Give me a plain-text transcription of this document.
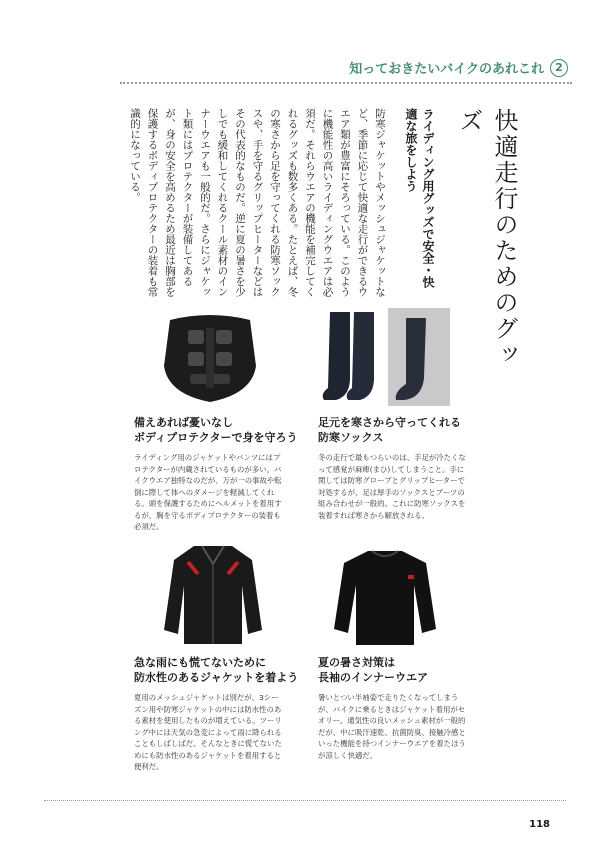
知っておきたいバイクのあれこれ	2
快適走行のためのグッズ
ライディング用グッズで安全・快適な旅をしよう
防寒ジャケットやメッシュジャケットなど、季節に応じて快適な走行ができるウエア類が豊富にそろっている。このように機能性の高いライディングウエアは必須だ。それらウエアの機能を補完してくれるグッズも数多くある。たとえば、冬の寒さから足を守ってくれる防寒ソックスや、手を守るグリップヒーターなどはその代表的なものだ。逆に夏の暑さを少しでも緩和してくれるクール素材のインナーウエアも一般的だ。さらにジャケット類にはプロテクターが装備してあるが、身の安全を高めるため最近は胸部を保護するボディプロテクターの装着も常識的になっている。
備えあれば憂いなし
ボディプロテクターで身を守ろう
ライディング用のジャケットやパンツにはプロテクターが内蔵されているものが多い。バイクウエア独特なのだが、万が一の事故や転倒に際して体へのダメージを軽減してくれる。頭を保護するためにヘルメットを着用するが、胸を守るボディプロテクターの装着も必須だ。
足元を寒さから守ってくれる
防寒ソックス
冬の走行で最もつらいのは、手足が冷たくなって感覚が麻痺(まひ)してしまうこと。手に関しては防寒グローブとグリップヒーターで対処するが、足は厚手のソックスとブーツの組み合わせが一般的。これに防寒ソックスを装着すれば寒さから解放される。
急な雨にも慌てないために
防水性のあるジャケットを着よう
夏用のメッシュジャケットは別だが、3シーズン用や防寒ジャケットの中には防水性のある素材を使用したものが増えている。ツーリング中には天気の急変によって雨に降られることもしばしばだ。そんなときに慌てないためにも防水性のあるジャケットを着用すると便利だ。
夏の暑さ対策は
長袖のインナーウエア
暑いとつい半袖姿で走りたくなってしまうが、バイクに乗るときはジャケット着用がセオリー。通気性の良いメッシュ素材が一般的だが、中に吸汗速乾、抗菌防臭、接触冷感といった機能を持つインナーウエアを着たほうが涼しく快適だ。
118
